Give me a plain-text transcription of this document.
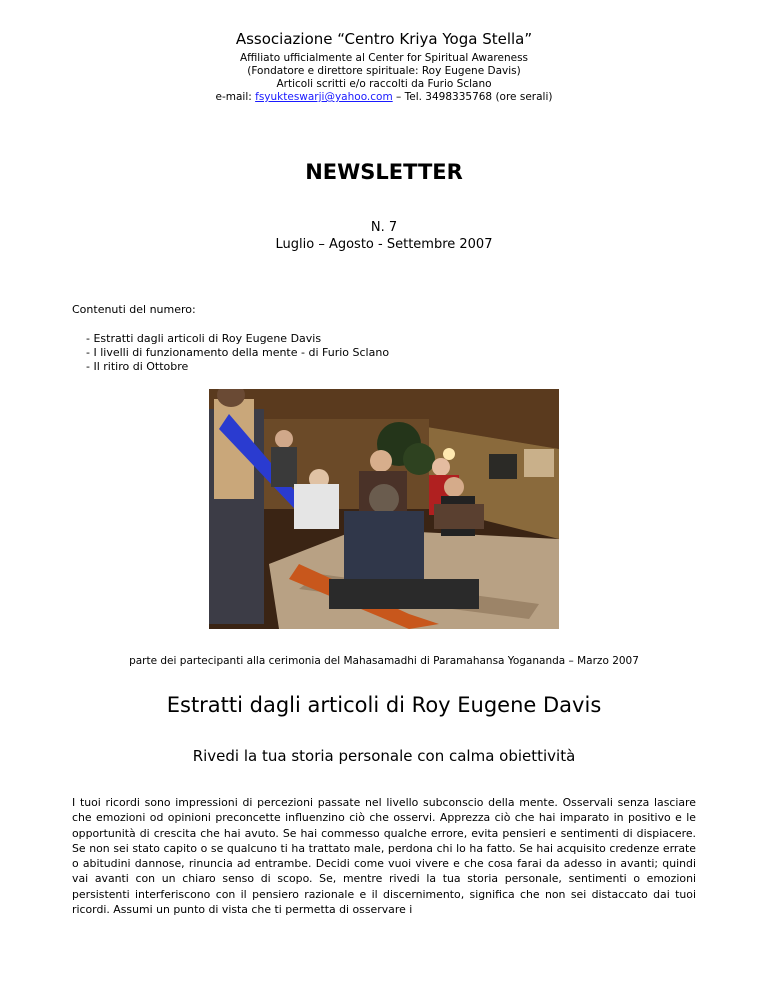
Associazione “Centro Kriya Yoga Stella”
Affiliato ufficialmente al Center for Spiritual Awareness
(Fondatore e direttore spirituale: Roy Eugene Davis)
Articoli scritti e/o raccolti da Furio Sclano
e-mail: fsyukteswarji@yahoo.com – Tel. 3498335768 (ore serali)
NEWSLETTER
N. 7
Luglio – Agosto - Settembre 2007
Contenuti del numero:
- Estratti dagli articoli di Roy Eugene Davis
- I livelli di funzionamento della mente - di Furio Sclano
- Il ritiro di Ottobre
parte dei partecipanti alla cerimonia del Mahasamadhi di Paramahansa Yogananda – Marzo 2007
Estratti dagli articoli di Roy Eugene Davis
Rivedi la tua storia personale con calma obiettività

I tuoi ricordi sono impressioni di percezioni passate nel livello subconscio della mente. Osservali senza lasciare che emozioni od opinioni preconcette influenzino ciò che osservi. Apprezza ciò che hai imparato in positivo e le opportunità di crescita che hai avuto. Se hai commesso qualche errore, evita pensieri e sentimenti di dispiacere. Se non sei stato capito o se qualcuno ti ha trattato male, perdona chi lo ha fatto. Se hai acquisito credenze errate o abitudini dannose, rinuncia ad entrambe. Decidi come vuoi vivere e che cosa farai da adesso in avanti; quindi vai avanti con un chiaro senso di scopo. Se, mentre rivedi la tua storia personale, sentimenti o emozioni persistenti interferiscono con il pensiero razionale e il discernimento, significa che non sei distaccato dai tuoi ricordi. Assumi un punto di vista che ti permetta di osservare i
